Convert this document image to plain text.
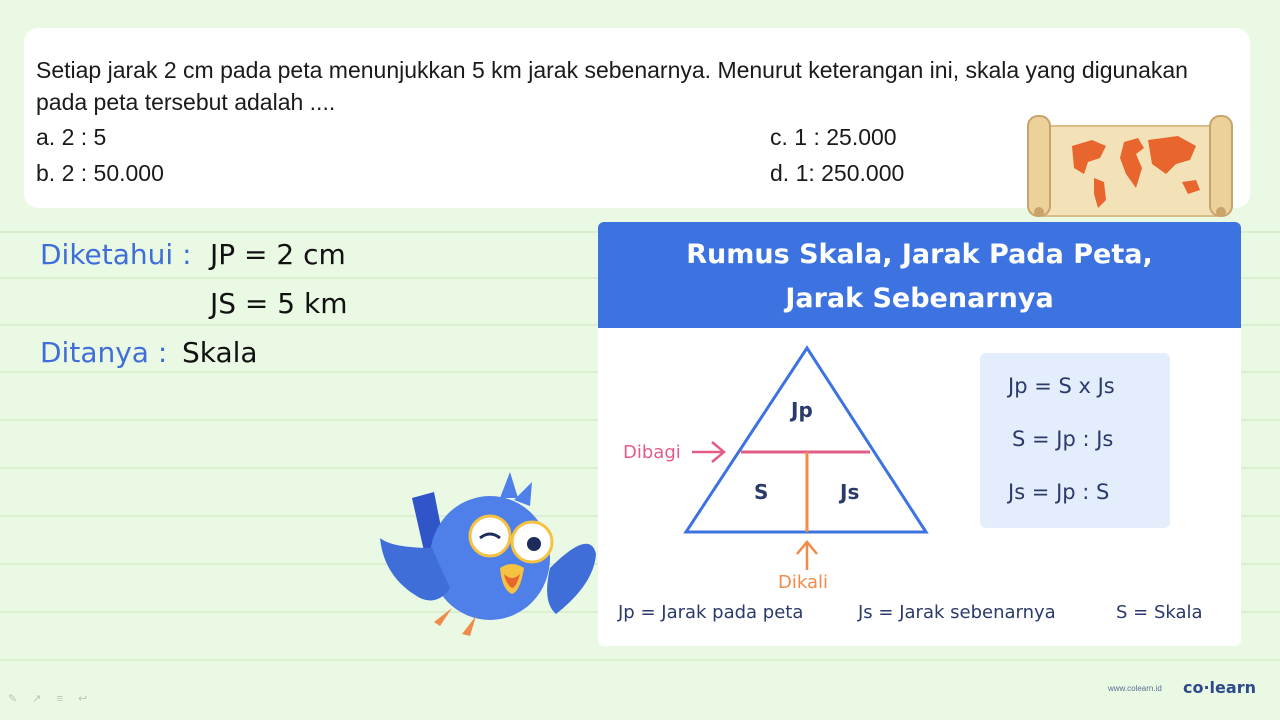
Setiap jarak 2 cm pada peta menunjukkan 5 km jarak sebenarnya. Menurut keterangan ini, skala yang digunakan pada peta tersebut adalah ....
a. 2 : 5
b. 2 : 50.000
c. 1 : 25.000
d. 1: 250.000
Diketahui : JP = 2 cm
JS = 5 km
Ditanya : Skala
Rumus Skala, Jarak Pada Peta,
Jarak Sebenarnya
Jp
S	Js
Dibagi
Dikali
Jp = S x Js
S = Jp : Js
Js = Jp : S
Jp = Jarak pada peta	Js = Jarak sebenarnya	S = Skala
✎ ↗ ≡ ↩
www.colearn.id co·learn
